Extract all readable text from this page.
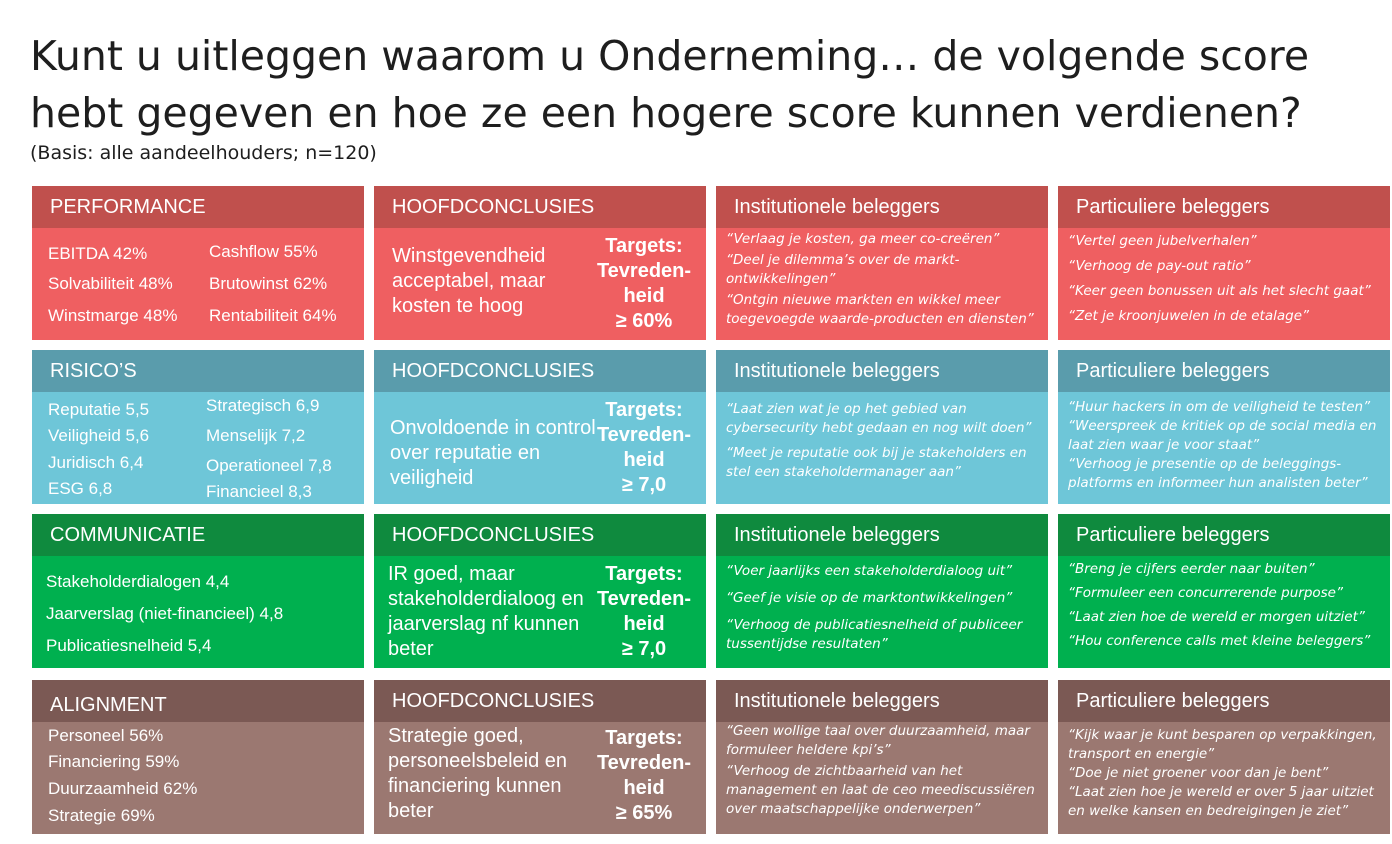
Kunt u uitleggen waarom u Onderneming… de volgende score hebt gegeven en hoe ze een hogere score kunnen verdienen?
(Basis: alle aandeelhouders; n=120)
PERFORMANCE
EBITDA 42%
Solvabiliteit 48%
Winstmarge 48%
Cashflow 55%
Brutowinst 62%
Rentabiliteit 64%
HOOFDCONCLUSIES
Winstgevendheid acceptabel, maar kosten te hoog
Targets:
Tevreden-
heid
≥ 60%
Institutionele beleggers
“Verlaag je kosten, ga meer co-creëren”
“Deel je dilemma’s over de markt-ontwikkelingen”
“Ontgin nieuwe markten en wikkel meer toegevoegde waarde-producten en diensten”
Particuliere beleggers
“Vertel geen jubelverhalen”
“Verhoog de pay-out ratio”
“Keer geen bonussen uit als het slecht gaat”
“Zet je kroonjuwelen in de etalage”
RISICO’S
Reputatie 5,5
Veiligheid 5,6
Juridisch 6,4
ESG 6,8
Strategisch 6,9
Menselijk 7,2
Operationeel 7,8
Financieel 8,3
HOOFDCONCLUSIES
Onvoldoende in control over reputatie en veiligheid
Targets:
Tevreden-
heid
≥ 7,0
Institutionele beleggers
“Laat zien wat je op het gebied van cybersecurity hebt gedaan en nog wilt doen”
“Meet je reputatie ook bij je stakeholders en stel een stakeholdermanager aan”
Particuliere beleggers
“Huur hackers in om de veiligheid te testen”
“Weerspreek de kritiek op de social media en laat zien waar je voor staat”
“Verhoog je presentie op de beleggings-platforms en informeer hun analisten beter”
COMMUNICATIE
Stakeholderdialogen 4,4
Jaarverslag (niet-financieel) 4,8
Publicatiesnelheid 5,4
HOOFDCONCLUSIES
IR goed, maar stakeholderdialoog en jaarverslag nf kunnen beter
Targets:
Tevreden-
heid
≥ 7,0
Institutionele beleggers
“Voer jaarlijks een stakeholderdialoog uit”
“Geef je visie op de marktontwikkelingen”
“Verhoog de publicatiesnelheid of publiceer tussentijdse resultaten”
Particuliere beleggers
“Breng je cijfers eerder naar buiten”
“Formuleer een concurrerende purpose”
“Laat zien hoe de wereld er morgen uitziet”
“Hou conference calls met kleine beleggers”
ALIGNMENT
Personeel 56%
Financiering 59%
Duurzaamheid 62%
Strategie 69%
HOOFDCONCLUSIES
Strategie goed, personeelsbeleid en financiering kunnen beter
Targets:
Tevreden-
heid
≥ 65%
Institutionele beleggers
“Geen wollige taal over duurzaamheid, maar formuleer heldere kpi’s”
“Verhoog de zichtbaarheid van het management en laat de ceo meediscussiëren over maatschappelijke onderwerpen”
Particuliere beleggers
“Kijk waar je kunt besparen op verpakkingen, transport en energie”
“Doe je niet groener voor dan je bent”
“Laat zien hoe je wereld er over 5 jaar uitziet en welke kansen en bedreigingen je ziet”
